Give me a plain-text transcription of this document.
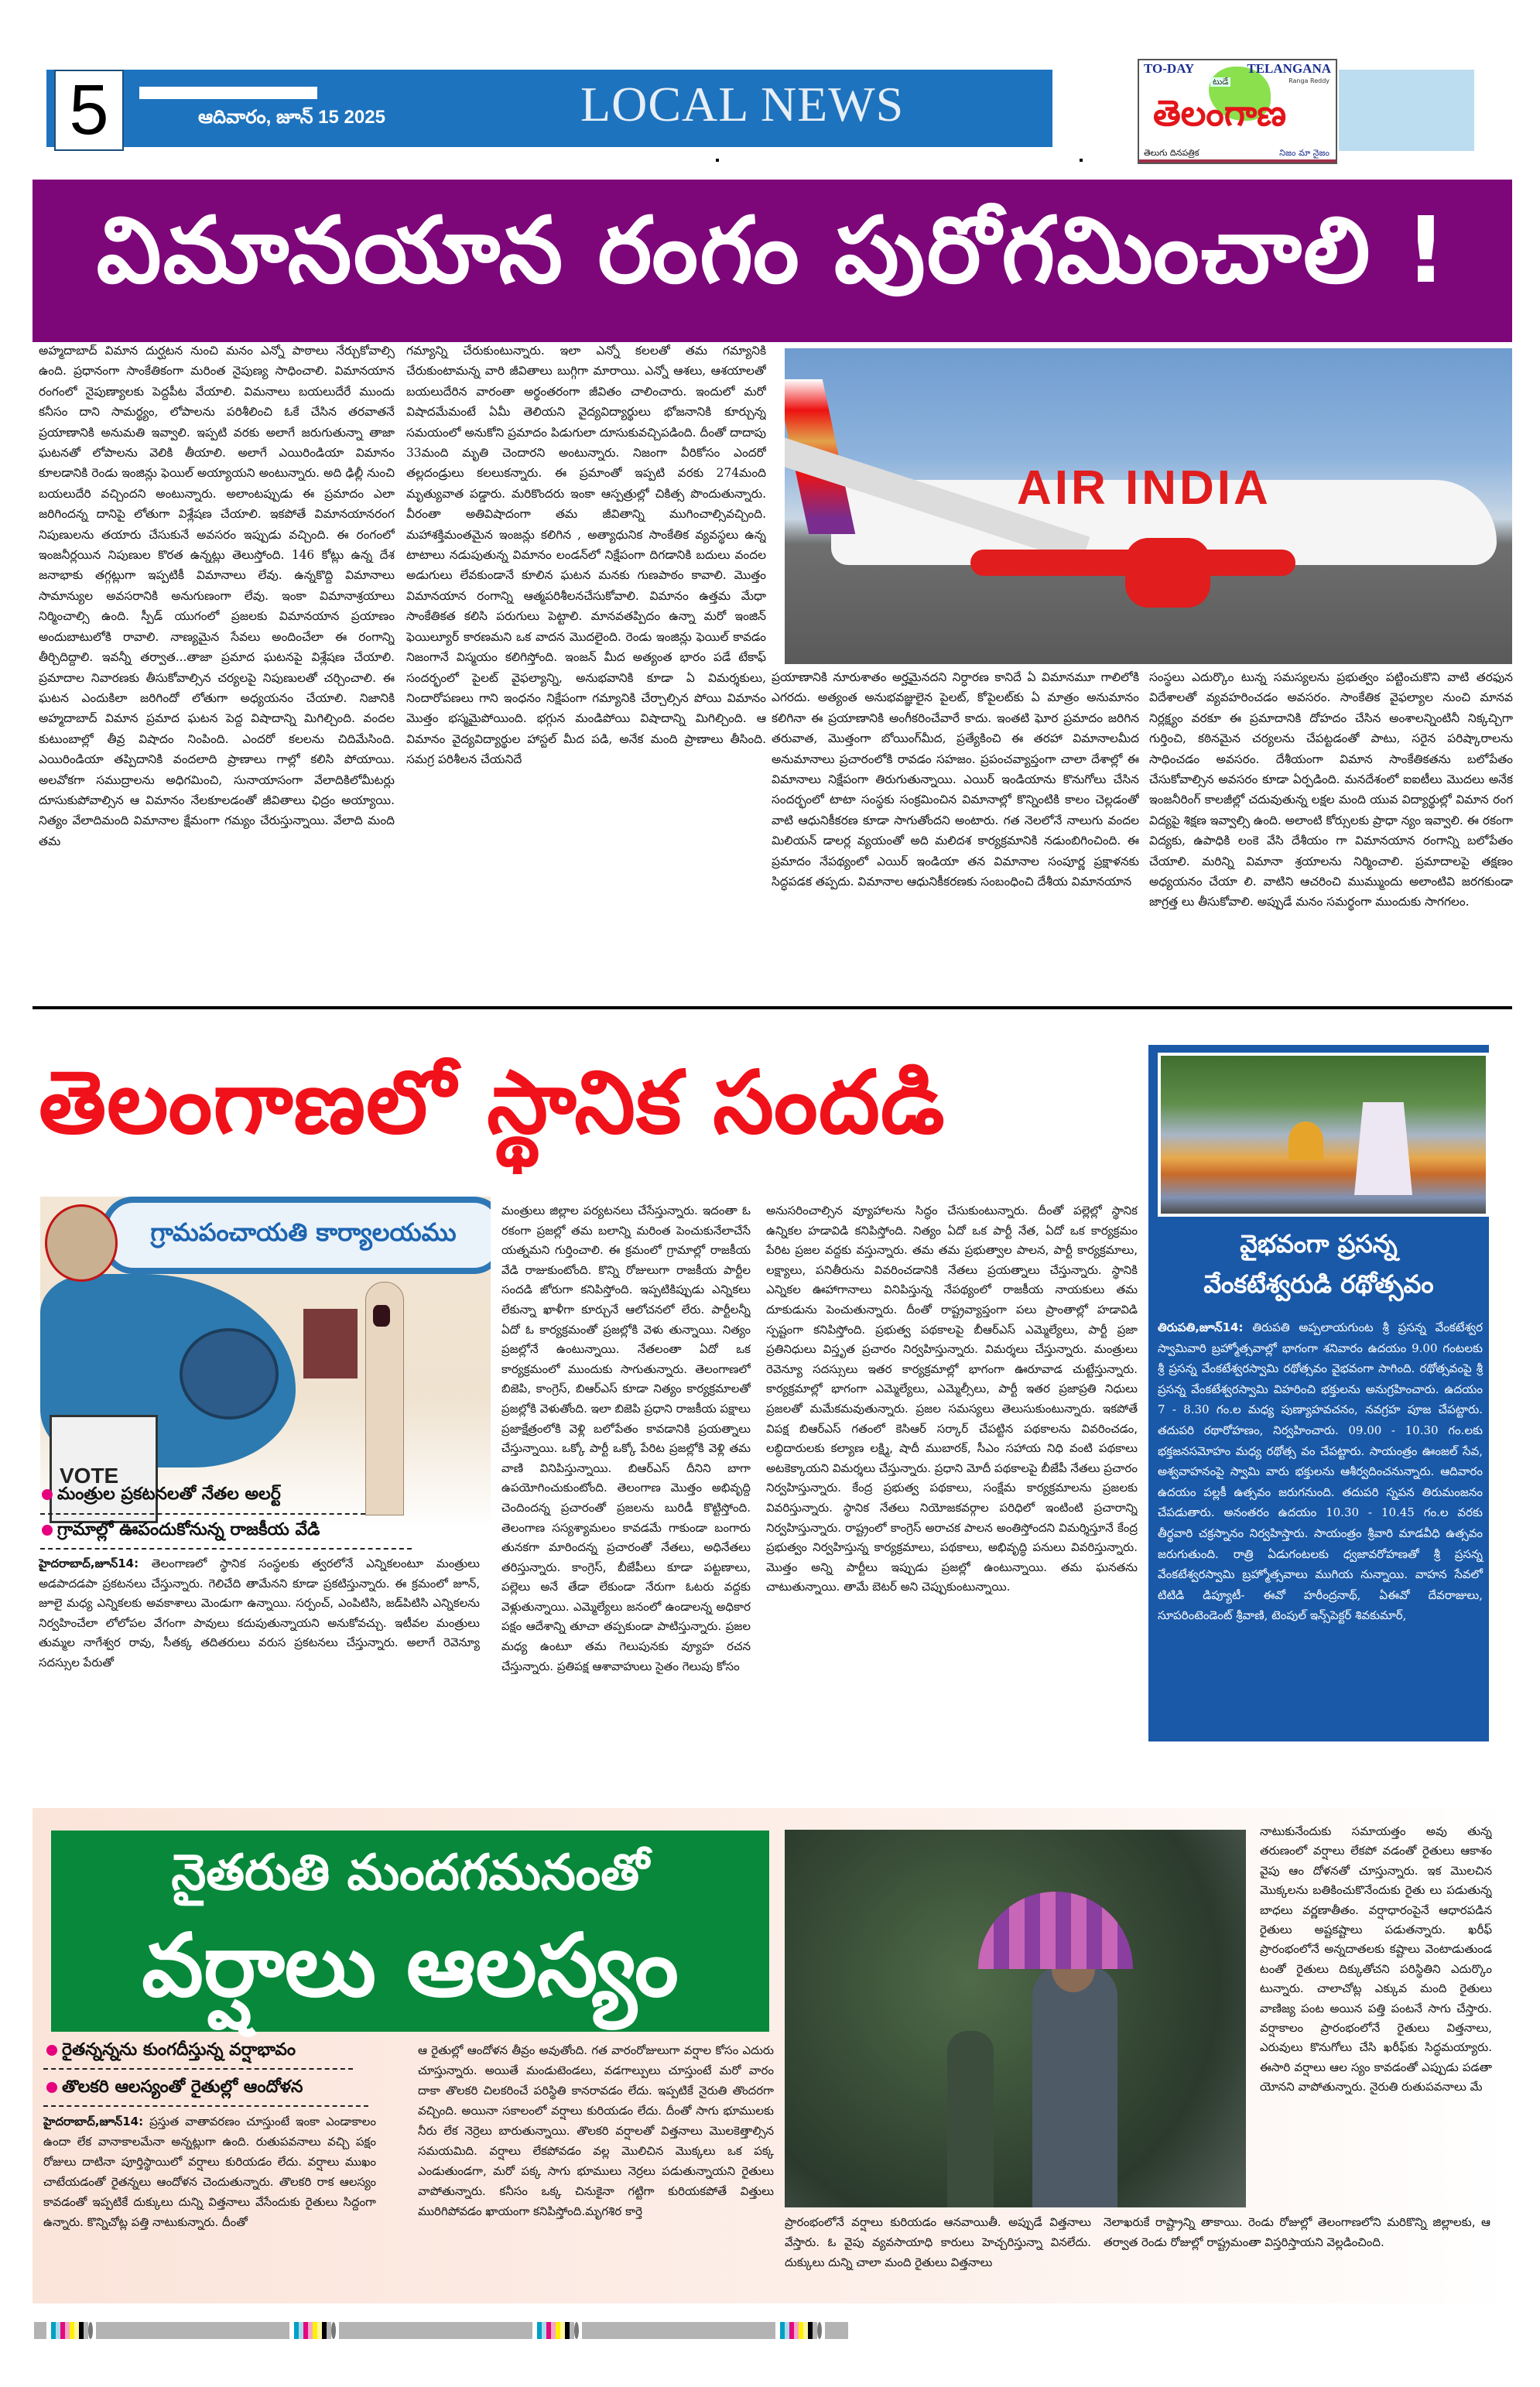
5	ఆదివారం, జూన్ 15 2025	LOCAL NEWS
TO-DAY	TELANGANA
Ranga Reddy
టుడే
తెలంగాణ
తెలుగు దినపత్రిక	నిజం మా నైజం
విమానయాన రంగం పురోగమించాలి !

అహ్మదాబాద్ విమాన దుర్ఘటన నుంచి మనం ఎన్నో పాఠాలు నేర్చుకోవాల్సి ఉంది. ప్రధానంగా సాంకేతికంగా మరింత నైపుణ్య సాధించాలి. విమానయాన రంగంలో నైపుణ్యాలకు పెద్దపీట వేయాలి. విమనాలు బయలుదేరే ముందు కనీసం దాని సామర్థ్యం, లోపాలను పరిశీలించి ఓకే చేసిన తరవాతనే ప్రయాణానికి అనుమతి ఇవ్వాలి. ఇప్పటి వరకు అలాగే జరుగుతున్నా తాజా ఘటనతో లోపాలను వెలికి తీయాలి. అలాగే ఎయిరిండియా విమానం కూలడానికి రెండు ఇంజిన్లు ఫెయిల్ అయ్యాయని అంటున్నారు. అది ఢిల్లీ నుంచి బయలుదేరి వచ్చిందని అంటున్నారు. అలాంటప్పుడు ఈ ప్రమాదం ఎలా జరిగిందన్న దానిపై లోతుగా విశ్లేషణ చేయాలి. ఇకపోతే విమానయానరంగ నిపుణులను తయారు చేసుకునే అవసరం ఇప్పుడు వచ్చింది. ఈ రంగంలో ఇంజనీర్లయిన నిపుణుల కొరత ఉన్నట్లు తెలుస్తోంది. 146 కోట్లు ఉన్న దేశ జనాభాకు తగ్గట్లుగా ఇప్పటికీ విమానాలు లేవు. ఉన్నకొద్ది విమానాలు సామాన్యుల అవసరానికి అనుగుణంగా లేవు. ఇంకా విమానాశ్రయాలు నిర్మించాల్సి ఉంది. స్పీడ్ యుగంలో ప్రజలకు విమానయాన ప్రయాణం అందుబాటులోకి రావాలి. నాణ్యమైన సేవలు అందించేలా ఈ రంగాన్ని తీర్చిదిద్దాలి. ఇవన్నీ తర్వాత...తాజా ప్రమాద ఘటనపై విశ్లేషణ చేయాలి. ప్రమాదాల నివారణకు తీసుకోవాల్సిన చర్యలపై నిపుణులతో చర్చించాలి. ఈ ఘటన ఎందుకిలా జరిగిందో లోతుగా అధ్యయనం చేయాలి. నిజానికి అహ్మదాబాద్ విమాన ప్రమాద ఘటన పెద్ద విషాదాన్ని మిగిల్చింది. వందల కుటుంబాల్లో తీవ్ర విషాదం నింపింది. ఎందరో కలలను చిదిమేసింది. ఎయిరిండియా తప్పిదానికి వందలాది ప్రాణాలు గాల్లో కలిసి పోయాయి. అలవోకగా సముద్రాలను అధిగమించి, సునాయాసంగా వేలాదికిలోమీటర్లు దూసుకుపోవాల్సిన ఆ విమానం నేలకూలడంతో జీవితాలు ఛిద్రం అయ్యాయి. నిత్యం వేలాదిమంది విమానాల క్షేమంగా గమ్యం చేరుస్తున్నాయి. వేలాది మంది తమ

గమ్యాన్ని చేరుకుంటున్నారు. ఇలా ఎన్నో కలలతో తమ గమ్యానికి చేరుకుంటామన్న వారి జీవితాలు బుగ్గిగా మారాయి. ఎన్నో ఆశలు, ఆశయాలతో బయలుదేరిన వారంతా అర్థంతరంగా జీవితం చాలించారు. ఇందులో మరో విషాదమేమంటే ఏమీ తెలియని వైద్యవిద్యార్థులు భోజనానికి కూర్చున్న సమయంలో అనుకోని ప్రమాదం పిడుగులా దూసుకువచ్చిపడింది. దీంతో దాదాపు 33మంది మృతి చెందారని అంటున్నారు. నిజంగా వీరికోసం ఎందరో తల్లదండ్రులు కలలుకన్నారు. ఈ ప్రమాంతో ఇప్పటి వరకు 274మంది మృత్యువాత పడ్డారు. మరికొందరు ఇంకా ఆస్పత్రుల్లో చికిత్స పొందుతున్నారు. వీరంతా అతివిషాదంగా తమ జీవితాన్ని ముగించాల్సివచ్చింది. మహాశక్తిమంతమైన ఇంజన్లు కలిగిన , అత్యాధునిక సాంకేతిక వ్యవస్థలు ఉన్న టాటాలు నడుపుతున్న విమానం లండన్‌లో నిక్షేపంగా దిగడానికి బదులు వందల అడుగులు లేవకుండానే కూలిన ఘటన మనకు గుణపాఠం కావాలి. మొత్తం విమానయాన రంగాన్ని ఆత్మపరిశీలనచేసుకోవాలి. విమానం ఉత్తమ మేధా సాంకేతికత కలిసి పరుగులు పెట్టాలి. మానవతప్పిదం ఉన్నా మరో ఇంజిన్ ఫెయిల్యూర్ కారణమని ఒక వాదన మొదలైంది. రెండు ఇంజిన్లు ఫెయిల్ కావడం నిజంగానే విస్మయం కలిగిస్తోంది. ఇంజన్ మీద అత్యంత భారం పడే టేకాఫ్ సందర్భంలో పైలట్ వైఫల్యాన్ని, అనుభవానికి కూడా ఏ విమర్శకులు, నిందారోపణలు గాని ఇంధనం నిక్షేపంగా గమ్యానికి చేర్చాల్సిన పోయి విమానం మొత్తం భస్మమైపోయింది. భగ్గున మండిపోయి విషాదాన్ని మిగిల్చింది. ఆ విమానం వైద్యవిద్యార్థుల హాస్టల్ మీద పడి, అనేక మంది ప్రాణాలు తీసింది. సమగ్ర పరిశీలన చేయనిదే

AIR INDIA

ప్రయాణానికి నూరుశాతం అర్హమైనదని నిర్ధారణ కానిదే ఏ విమానమూ గాలిలోకి ఎగరదు. అత్యంత అనుభవజ్ఞులైన పైలట్, కోపైలట్‌కు ఏ మాత్రం అనుమానం కలిగినా ఈ ప్రయాణానికి అంగీకరించేవారే కాదు. ఇంతటి ఘోర ప్రమాదం జరిగిన తరువాత, మొత్తంగా బోయింగ్‌మీద, ప్రత్యేకించి ఈ తరహా విమానాలమీద అనుమానాలు ప్రచారంలోకి రావడం సహజం. ప్రపంచవ్యాప్తంగా చాలా దేశాల్లో ఈ విమానాలు నిక్షేపంగా తిరుగుతున్నాయి. ఎయిర్ ఇండియాను కొనుగోలు చేసిన సందర్భంలో టాటా సంస్థకు సంక్రమించిన విమానాల్లో కొన్నింటికి కాలం చెల్లడంతో వాటి ఆధునికీకరణ కూడా సాగుతోందని అంటారు. గత నెలలోనే నాలుగు వందల మిలియన్ డాలర్ల వ్యయంతో అది మలిదశ కార్యక్రమానికి నడుంబిగించింది. ఈ ప్రమాదం నేపథ్యంలో ఎయిర్ ఇండియా తన విమానాల సంపూర్ణ ప్రక్షాళనకు సిద్ధపడక తప్పదు. విమానాల ఆధునికీకరణకు సంబంధించి దేశీయ విమానయాన

సంస్థలు ఎదుర్కొం టున్న సమస్యలను ప్రభుత్వం పట్టించుకొని వాటి తరఫున విదేశాలతో వ్యవహరించడం అవసరం. సాంకేతిక వైఫల్యాల నుంచి మానవ నిర్లక్ష్యం వరకూ ఈ ప్రమాదానికి దోహదం చేసిన అంశాలన్నింటినీ నిక్కచ్చిగా గుర్తించి, కఠినమైన చర్యలను చేపట్టడంతో పాటు, సరైన పరిష్కారాలను సాధించడం అవసరం. దేశీయంగా విమాన సాంకేతికతను బలోపేతం చేసుకోవాల్సిన అవసరం కూడా ఏర్పడింది. మనదేశంలో ఐఐటీలు మొదలు అనేక ఇంజనీరింగ్ కాలజీల్లో చదువుతున్న లక్షల మంది యువ విద్యార్థుల్లో విమాన రంగ విద్యపై శిక్షణ ఇవ్వాల్సి ఉంది. అలాంటి కోర్సులకు ప్రాధా న్యం ఇవ్వాలి. ఈ రకంగా విద్యకు, ఉపాధికి లంకె వేసి దేశీయం గా విమానయాన రంగాన్ని బలోపేతం చేయాలి. మరిన్ని విమానా శ్రయాలను నిర్మించాలి. ప్రమాదాలపై తక్షణం అధ్యయనం చేయా లి. వాటిని ఆచరించి ముమ్ముందు అలాంటివి జరగకుండా జాగ్రత్త లు తీసుకోవాలి. అప్పుడే మనం సమర్థంగా ముందుకు సాగగలం.

తెలంగాణలో స్థానిక సందడి
గ్రామపంచాయతి కార్యాలయము
VOTE
మంత్రుల ప్రకటనలతో నేతల అలర్ట్
గ్రామాల్లో ఊపందుకోనున్న రాజకీయ వేడి
హైదరాబాద్,జూన్14: తెలంగాణలో స్థానిక సంస్థలకు త్వరలోనే ఎన్నికలంటూ మంత్రులు అడపాదడపా ప్రకటనలు చేస్తున్నారు. గెలిచేది తామేనని కూడా ప్రకటిస్తున్నారు. ఈ క్రమంలో జూన్, జూలై మధ్య ఎన్నికలకు అవకాశాలు మెండుగా ఉన్నాయి. సర్పంచ్, ఎంపిటిసి, జడ్‌పిటిసి ఎన్నికలను నిర్వహించేలా లోలోపల వేగంగా పావులు కదుపుతున్నాయని అనుకోవచ్చు. ఇటీవల మంత్రులు తుమ్మల నాగేశ్వర రావు, సీతక్క తదితరులు వరుస ప్రకటనలు చేస్తున్నారు. అలాగే రెవెన్యూ సదస్సుల పేరుతో

మంత్రులు జిల్లాల పర్యటనలు చేసేస్తున్నారు. ఇదంతా ఓ రకంగా ప్రజల్లో తమ బలాన్ని మరింత పెంచుకునేలాచేసే యత్నమని గుర్తించాలి. ఈ క్రమంలో గ్రామాల్లో రాజకీయ వేడి రాజుకుంటోంది. కొన్ని రోజులుగా రాజకీయ పార్టీల సందడి జోరుగా కనిపిస్తోంది. ఇప్పటికిప్పుడు ఎన్నికలు లేకున్నా ఖాళీగా కూర్చునే ఆలోచనలో లేరు. పార్టీలన్నీ ఏదో ఓ కార్యక్రమంతో ప్రజల్లోకి వెళు తున్నాయి. నిత్యం ప్రజల్లోనే ఉంటున్నాయి. నేతలంతా ఏదో ఒక కార్యక్రమంలో ముందుకు సాగుతున్నారు. తెలంగాణలో బిజెపి, కాంగ్రెస్, బిఆర్‌ఎస్ కూడా నిత్యం కార్యక్రమాలతో ప్రజల్లోకి వెళుతోంది. ఇలా బిజెపి ప్రధాని రాజకీయ పక్షాలు ప్రజాక్షేత్రంలోకి వెళ్లి బలోపేతం కావడానికి ప్రయత్నాలు చేస్తున్నాయి. ఒక్కో పార్టీ ఒక్కో పేరిట ప్రజల్లోకి వెళ్లి తమ వాణి వినిపిస్తున్నాయి. బిఆర్‌ఎస్ దీనిని బాగా ఉపయోగించుకుంటోంది. తెలంగాణ మొత్తం అభివృద్ది చెందిందన్న ప్రచారంతో ప్రజలను బురిడీ కొట్టిస్తోంది. తెలంగాణ సస్యశ్యామలం కావడమే గాకుండా బంగారు తునకగా మారిందన్న ప్రచారంతో నేతలు, అధినేతలు తరిస్తున్నారు. కాంగ్రెస్, బీజేపీలు కూడా పట్టణాలు, పల్లెలు అనే తేడా లేకుండా నేరుగా ఓటరు వద్దకు వెళ్లుతున్నాయి. ఎమ్మెల్యేలు జనంలో ఉండాలన్న అధికార పక్షం ఆదేశాన్ని తూచా తప్పకుండా పాటిస్తున్నారు. ప్రజల మధ్య ఉంటూ తమ గెలుపునకు వ్యూహ రచన చేస్తున్నారు. ప్రతిపక్ష ఆశావాహులు సైతం గెలుపు కోసం

అనుసరించాల్సిన వ్యూహాలను సిద్ధం చేసుకుంటున్నారు. దీంతో పల్లెల్లో స్థానిక ఉన్నికల హడావిడి కనిపిస్తోంది. నిత్యం ఏదో ఒక పార్టీ నేత, ఏదో ఒక కార్యక్రమం పేరిట ప్రజల వద్దకు వస్తున్నారు. తమ తమ ప్రభుత్వాల పాలన, పార్టీ కార్యక్రమాలు, లక్ష్యాలు, పనితీరును వివరించడానికి నేతలు ప్రయత్నాలు చేస్తున్నారు. స్థానికి ఎన్నికల ఊహాగానాలు వినిపిస్తున్న నేపథ్యంలో రాజకీయ నాయకులు తమ దూకుడును పెంచుతున్నారు. దీంతో రాష్ట్రవ్యాప్తంగా పలు ప్రాంతాల్లో హడావిడి స్పష్టంగా కనిపిస్తోంది. ప్రభుత్వ పథకాలపై బీఆర్‌ఎస్ ఎమ్మెల్యేలు, పార్టీ ప్రజా ప్రతినిధులు విస్తృత ప్రచారం నిర్వహిస్తున్నారు. విమర్శలు చేస్తున్నారు. మంత్రులు రెవెన్యూ సదస్సులు ఇతర కార్యక్రమాల్లో భాగంగా ఊరూవాడ చుట్టేస్తున్నారు. కార్యక్రమాల్లో భాగంగా ఎమ్మెల్యేలు, ఎమ్మెల్సీలు, పార్టీ ఇతర ప్రజాప్రతి నిధులు ప్రజలతో మమేకమవుతున్నారు. ప్రజల సమస్యలు తెలుసుకుంటున్నారు. ఇకపోతే విపక్ష బిఆర్‌ఎస్ గతంలో కెసిఆర్ సర్కార్ చేపట్టిన పథకాలను వివరించడం, లబ్ధిదారులకు కల్యాణ లక్ష్మి, షాదీ ముబారక్, సీఎం సహాయ నిధి వంటి పథకాలు అటకెక్కాయని విమర్శలు చేస్తున్నారు. ప్రధాని మోదీ పథకాలపై బీజేపీ నేతలు ప్రచారం నిర్వహిస్తున్నారు. కేంద్ర ప్రభుత్వ పథకాలు, సంక్షేమ కార్యక్రమాలను ప్రజలకు వివరిస్తున్నారు. స్థానిక నేతలు నియోజకవర్గాల పరిధిలో ఇంటింటి ప్రచారాన్ని నిర్వహిస్తున్నారు. రాష్ట్రంలో కాంగ్రెస్ అరాచక పాలన అంతిస్తోందని విమర్శిస్తూనే కేంద్ర ప్రభుత్వం నిర్వహిస్తున్న కార్యక్రమాలు, పథకాలు, అభివృద్ధి పనులు వివరిస్తున్నారు. మొత్తం అన్ని పార్టీలు ఇప్పుడు ప్రజల్లో ఉంటున్నాయి. తమ ఘనతను చాటుతున్నాయి. తామే బెటర్ అని చెప్పుకుంటున్నాయి.

వైభవంగా ప్రసన్న
వేంకటేశ్వరుడి రథోత్సవం
తిరుపతి,జూన్14: తిరుపతి అప్పలాయగుంట శ్రీ ప్రసన్న వేంకటేశ్వర స్వామివారి బ్రహ్మోత్సవాల్లో భాగంగా శనివారం ఉదయం 9.00 గంటలకు శ్రీ ప్రసన్న వేంకటేశ్వరస్వామి రథోత్సవం వైభవంగా సాగింది. రథోత్సవంపై శ్రీ ప్రసన్న వేంకటేశ్వరస్వామి విహరించి భక్తులను అనుగ్రహించారు. ఉదయం 7 - 8.30 గం.ల మధ్య పుణ్యాహవచనం, నవగ్రహ పూజ చేపట్టారు. తదుపరి రథారోహణం, నిర్వహించారు. 09.00 - 10.30 గం.లకు భక్తజనసమోహం మధ్య రథోత్స వం చేపట్టారు. సాయంత్రం ఊంజల్ సేవ, అశ్వవాహనంపై స్వామి వారు భక్తులను ఆశీర్వదించనున్నారు. ఆదివారం ఉదయం పల్లకీ ఉత్సవం జరుగనుంది. తదుపరి స్నపన తిరుమంజనం చేపడుతారు. అనంతరం ఉదయం 10.30 - 10.45 గం.ల వరకు తీర్థవారి చక్రస్నానం నిర్వహిస్తారు. సాయంత్రం శ్రీవారి మాడవీధి ఉత్సవం జరుగుతుంది. రాత్రి ఏడుగంటలకు ధ్వజావరోహణతో శ్రీ ప్రసన్న వేంకటేశ్వరస్వామి బ్రహ్మోత్సవాలు ముగియ నున్నాయి. వాహన సేవలో టిటిడి డిప్యూటీ- ఈవో హరీంద్రనాథ్, ఏఈవో దేవరాజులు, సూపరింటెండెంట్ శ్రీవాణి, టెంపుల్ ఇన్స్‌పెక్టర్ శివకుమార్,
నైతరుతి మందగమనంతో
వర్షాలు ఆలస్యం
రైతన్నన్నను కుంగదీస్తున్న వర్షాభావం
తొలకరి ఆలస్యంతో రైతుల్లో ఆందోళన
హైదరాబాద్,జూన్14: ప్రస్తుత వాతావరణం చూస్తుంటే ఇంకా ఎండాకాలం ఉందా లేక వానాకాలమేనా అన్నట్లుగా ఉంది. రుతుపవనాలు వచ్చి పక్షం రోజులు దాటినా పూర్తిస్థాయిలో వర్షాలు కురియడం లేదు. వర్షాలు ముఖం చాటేయడంతో రైతన్నలు ఆందోళన చెందుతున్నారు. తొలకరి రాక ఆలస్యం కావడంతో ఇప్పటికే దుక్కులు దున్ని విత్తనాలు వేసేందుకు రైతులు సిద్దంగా ఉన్నారు. కొన్నిచోట్ల పత్తి నాటుకున్నారు. దీంతో

ఆ రైతుల్లో ఆందోళన తీవ్రం అవుతోంది. గత వారంరోజులుగా వర్షాల కోసం ఎదురు చూస్తున్నారు. అయితే మండుటెండలు, వడగాల్పులు చూస్తుంటే మరో వారం దాకా తొలకరి చిలకరించే పరిస్థితి కానరావడం లేదు. ఇప్పటికే నైరుతి తొందరగా వచ్చింది. అయినా సకాలంలో వర్షాలు కురియడం లేదు. దీంతో సాగు భూములకు నీరు లేక నెర్రెలు బారుతున్నాయి. తొలకరి వర్షాలతో విత్తనాలు మొలకెత్తాల్సిన సమయమిది. వర్షాలు లేకపోవడం వల్ల మొలిచిన మొక్కలు ఒక పక్క ఎండుతుండగా, మరో పక్క సాగు భూములు నెర్రలు పడుతున్నాయని రైతులు వాపోతున్నారు. కనీసం ఒక్క చినుకైనా గట్టిగా కురియకపోతే విత్తులు మురిగిపోవడం ఖాయంగా కనిపిస్తోంది.మృగశిర కార్తె

ప్రారంభంలోనే వర్షాలు కురియడం ఆనవాయితీ. అప్పుడే విత్తనాలు వేస్తారు. ఓ వైపు వ్యవసాయాధి కారులు హెచ్చరిస్తున్నా వినలేదు. దుక్కులు దున్ని చాలా మంది రైతులు విత్తనాలు

నాటుకునేందుకు సమాయత్తం అవు తున్న తరుణంలో వర్షాలు లేకపో వడంతో రైతులు ఆకాశం వైపు ఆం దోళనతో చూస్తున్నారు. ఇక మొలచిన మొక్కలను బతికించుకొనేందుకు రైతు లు పడుతున్న బాధలు వర్ణణాతీతం. వర్షాధారంపైనే ఆధారపడిన రైతులు అష్టకష్టాలు పడుతన్నారు. ఖరీఫ్ ప్రారంభంలోనే అన్నదాతలకు కష్టాలు వెంటాడుతుండ టంతో రైతులు దిక్కుతోచని పరిస్థితిని ఎదుర్కొం టున్నారు. చాలాచోట్ల ఎక్కువ మంది రైతులు వాణిజ్య పంట అయిన పత్తి పంటనే సాగు చేస్తారు. వర్షాకాలం ప్రారంభంలోనే రైతులు విత్తనాలు, ఎరువులు కొనుగోలు చేసి ఖరీఫ్‌కు సిద్ధమయ్యారు. ఈసారి వర్షాలు ఆల స్యం కావడంతో ఎప్పుడు పడతా యోనని వాపోతున్నారు. నైరుతి రుతుపవనాలు మే

నెలాఖరుకే రాష్ట్రాన్ని తాకాయి. రెండు రోజుల్లో తెలంగాణలోని మరికొన్ని జిల్లాలకు, ఆ తర్వాత రెండు రోజుల్లో రాష్ట్రమంతా విస్తరిస్తాయని వెల్లడించింది.
